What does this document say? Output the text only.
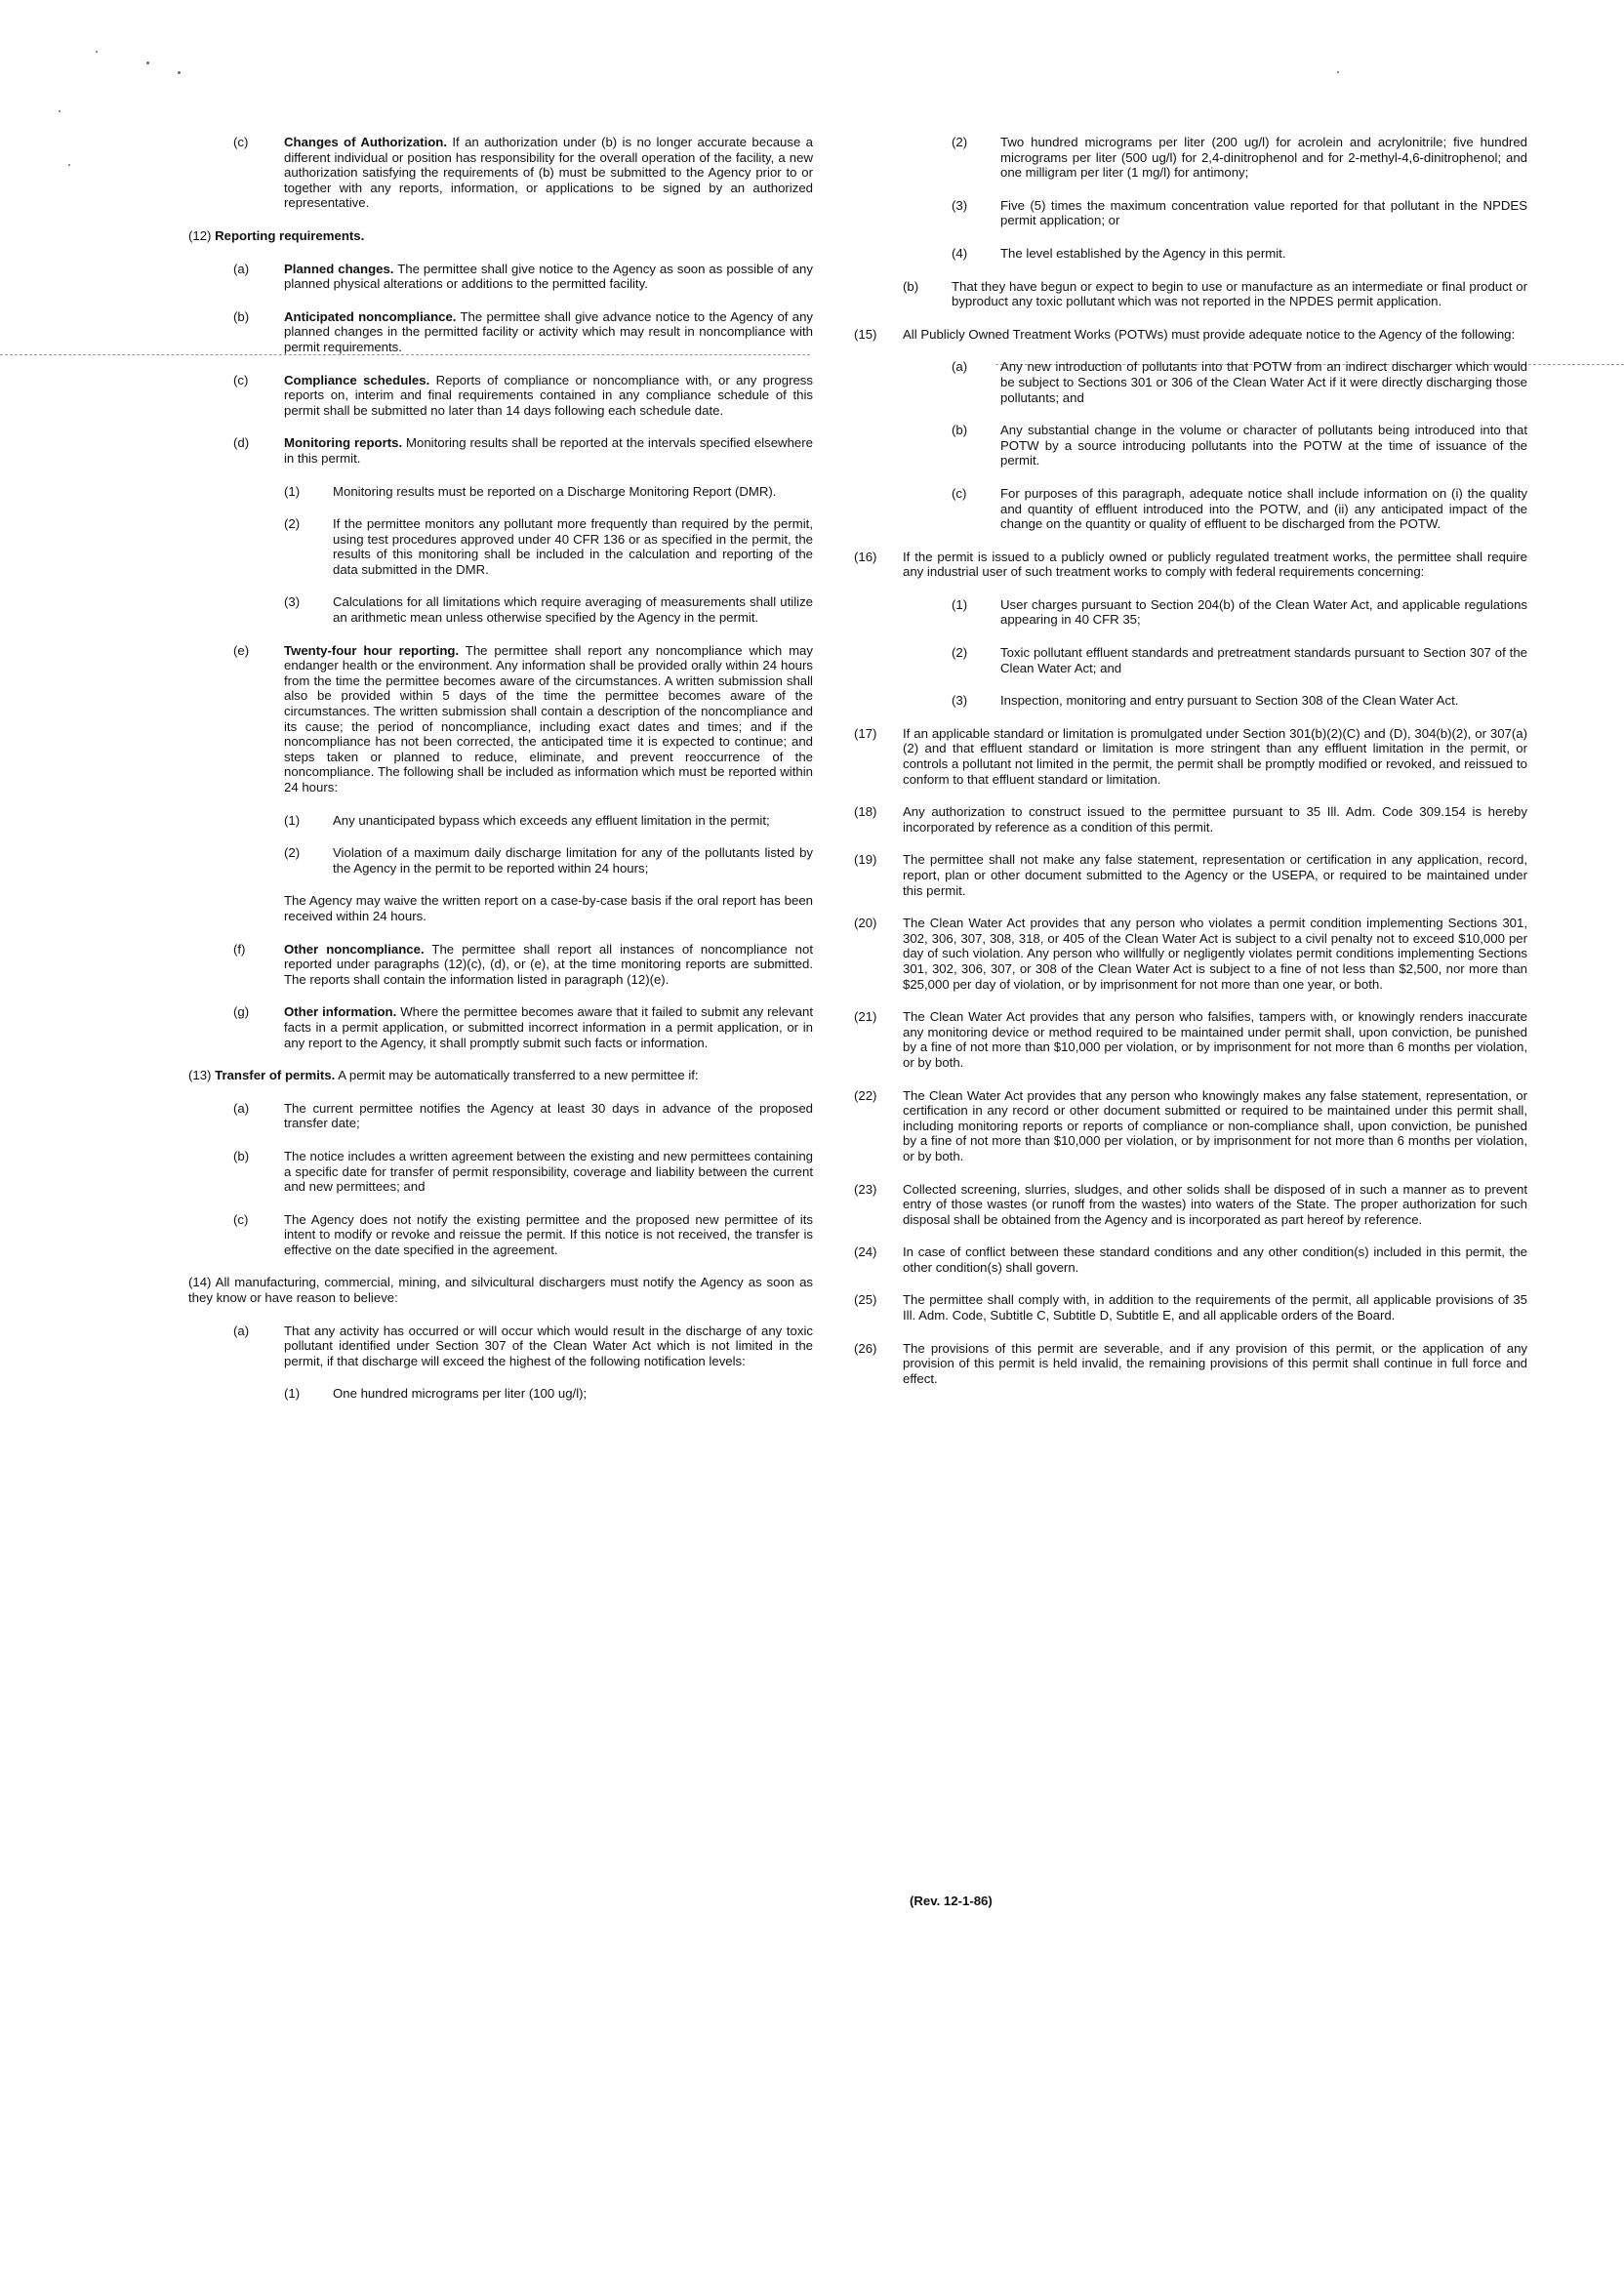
(c)	Changes of Authorization. If an authorization under (b) is no longer accurate because a different individual or position has responsibility for the overall operation of the facility, a new authorization satisfying the requirements of (b) must be submitted to the Agency prior to or together with any reports, information, or applications to be signed by an authorized representative.
(12) Reporting requirements.
(a)	Planned changes. The permittee shall give notice to the Agency as soon as possible of any planned physical alterations or additions to the permitted facility.
(b)	Anticipated noncompliance. The permittee shall give advance notice to the Agency of any planned changes in the permitted facility or activity which may result in noncompliance with permit requirements.
(c)	Compliance schedules. Reports of compliance or noncompliance with, or any progress reports on, interim and final requirements contained in any compliance schedule of this permit shall be submitted no later than 14 days following each schedule date.
(d)	Monitoring reports. Monitoring results shall be reported at the intervals specified elsewhere in this permit.
(1)	Monitoring results must be reported on a Discharge Monitoring Report (DMR).
(2)	If the permittee monitors any pollutant more frequently than required by the permit, using test procedures approved under 40 CFR 136 or as specified in the permit, the results of this monitoring shall be included in the calculation and reporting of the data submitted in the DMR.
(3)	Calculations for all limitations which require averaging of measurements shall utilize an arithmetic mean unless otherwise specified by the Agency in the permit.
(e)	Twenty-four hour reporting. The permittee shall report any noncompliance which may endanger health or the environment. Any information shall be provided orally within 24 hours from the time the permittee becomes aware of the circumstances. A written submission shall also be provided within 5 days of the time the permittee becomes aware of the circumstances. The written submission shall contain a description of the noncompliance and its cause; the period of noncompliance, including exact dates and times; and if the noncompliance has not been corrected, the anticipated time it is expected to continue; and steps taken or planned to reduce, eliminate, and prevent reoccurrence of the noncompliance. The following shall be included as information which must be reported within 24 hours:
(1)	Any unanticipated bypass which exceeds any effluent limitation in the permit;
(2)	Violation of a maximum daily discharge limitation for any of the pollutants listed by the Agency in the permit to be reported within 24 hours;
The Agency may waive the written report on a case-by-case basis if the oral report has been received within 24 hours.
(f)	Other noncompliance. The permittee shall report all instances of noncompliance not reported under paragraphs (12)(c), (d), or (e), at the time monitoring reports are submitted. The reports shall contain the information listed in paragraph (12)(e).
(g)	Other information. Where the permittee becomes aware that it failed to submit any relevant facts in a permit application, or submitted incorrect information in a permit application, or in any report to the Agency, it shall promptly submit such facts or information.
(13) Transfer of permits. A permit may be automatically transferred to a new permittee if:
(a)	The current permittee notifies the Agency at least 30 days in advance of the proposed transfer date;
(b)	The notice includes a written agreement between the existing and new permittees containing a specific date for transfer of permit responsibility, coverage and liability between the current and new permittees; and
(c)	The Agency does not notify the existing permittee and the proposed new permittee of its intent to modify or revoke and reissue the permit. If this notice is not received, the transfer is effective on the date specified in the agreement.
(14) All manufacturing, commercial, mining, and silvicultural dischargers must notify the Agency as soon as they know or have reason to believe:
(a)	That any activity has occurred or will occur which would result in the discharge of any toxic pollutant identified under Section 307 of the Clean Water Act which is not limited in the permit, if that discharge will exceed the highest of the following notification levels:
(1)	One hundred micrograms per liter (100 ug/l);
(2)	Two hundred micrograms per liter (200 ug/l) for acrolein and acrylonitrile; five hundred micrograms per liter (500 ug/l) for 2,4-dinitrophenol and for 2-methyl-4,6-dinitrophenol; and one milligram per liter (1 mg/l) for antimony;
(3)	Five (5) times the maximum concentration value reported for that pollutant in the NPDES permit application; or
(4)	The level established by the Agency in this permit.
(b)	That they have begun or expect to begin to use or manufacture as an intermediate or final product or byproduct any toxic pollutant which was not reported in the NPDES permit application.
(15) All Publicly Owned Treatment Works (POTWs) must provide adequate notice to the Agency of the following:
(a)	Any new introduction of pollutants into that POTW from an indirect discharger which would be subject to Sections 301 or 306 of the Clean Water Act if it were directly discharging those pollutants; and
(b)	Any substantial change in the volume or character of pollutants being introduced into that POTW by a source introducing pollutants into the POTW at the time of issuance of the permit.
(c)	For purposes of this paragraph, adequate notice shall include information on (i) the quality and quantity of effluent introduced into the POTW, and (ii) any anticipated impact of the change on the quantity or quality of effluent to be discharged from the POTW.
(16) If the permit is issued to a publicly owned or publicly regulated treatment works, the permittee shall require any industrial user of such treatment works to comply with federal requirements concerning:
(1)	User charges pursuant to Section 204(b) of the Clean Water Act, and applicable regulations appearing in 40 CFR 35;
(2)	Toxic pollutant effluent standards and pretreatment standards pursuant to Section 307 of the Clean Water Act; and
(3)	Inspection, monitoring and entry pursuant to Section 308 of the Clean Water Act.
(17) If an applicable standard or limitation is promulgated under Section 301(b)(2)(C) and (D), 304(b)(2), or 307(a)(2) and that effluent standard or limitation is more stringent than any effluent limitation in the permit, or controls a pollutant not limited in the permit, the permit shall be promptly modified or revoked, and reissued to conform to that effluent standard or limitation.
(18) Any authorization to construct issued to the permittee pursuant to 35 Ill. Adm. Code 309.154 is hereby incorporated by reference as a condition of this permit.
(19) The permittee shall not make any false statement, representation or certification in any application, record, report, plan or other document submitted to the Agency or the USEPA, or required to be maintained under this permit.
(20) The Clean Water Act provides that any person who violates a permit condition implementing Sections 301, 302, 306, 307, 308, 318, or 405 of the Clean Water Act is subject to a civil penalty not to exceed $10,000 per day of such violation. Any person who willfully or negligently violates permit conditions implementing Sections 301, 302, 306, 307, or 308 of the Clean Water Act is subject to a fine of not less than $2,500, nor more than $25,000 per day of violation, or by imprisonment for not more than one year, or both.
(21) The Clean Water Act provides that any person who falsifies, tampers with, or knowingly renders inaccurate any monitoring device or method required to be maintained under permit shall, upon conviction, be punished by a fine of not more than $10,000 per violation, or by imprisonment for not more than 6 months per violation, or by both.
(22) The Clean Water Act provides that any person who knowingly makes any false statement, representation, or certification in any record or other document submitted or required to be maintained under this permit shall, including monitoring reports or reports of compliance or non-compliance shall, upon conviction, be punished by a fine of not more than $10,000 per violation, or by imprisonment for not more than 6 months per violation, or by both.
(23) Collected screening, slurries, sludges, and other solids shall be disposed of in such a manner as to prevent entry of those wastes (or runoff from the wastes) into waters of the State. The proper authorization for such disposal shall be obtained from the Agency and is incorporated as part hereof by reference.
(24) In case of conflict between these standard conditions and any other condition(s) included in this permit, the other condition(s) shall govern.
(25) The permittee shall comply with, in addition to the requirements of the permit, all applicable provisions of 35 Ill. Adm. Code, Subtitle C, Subtitle D, Subtitle E, and all applicable orders of the Board.
(26) The provisions of this permit are severable, and if any provision of this permit, or the application of any provision of this permit is held invalid, the remaining provisions of this permit shall continue in full force and effect.
(Rev. 12-1-86)
